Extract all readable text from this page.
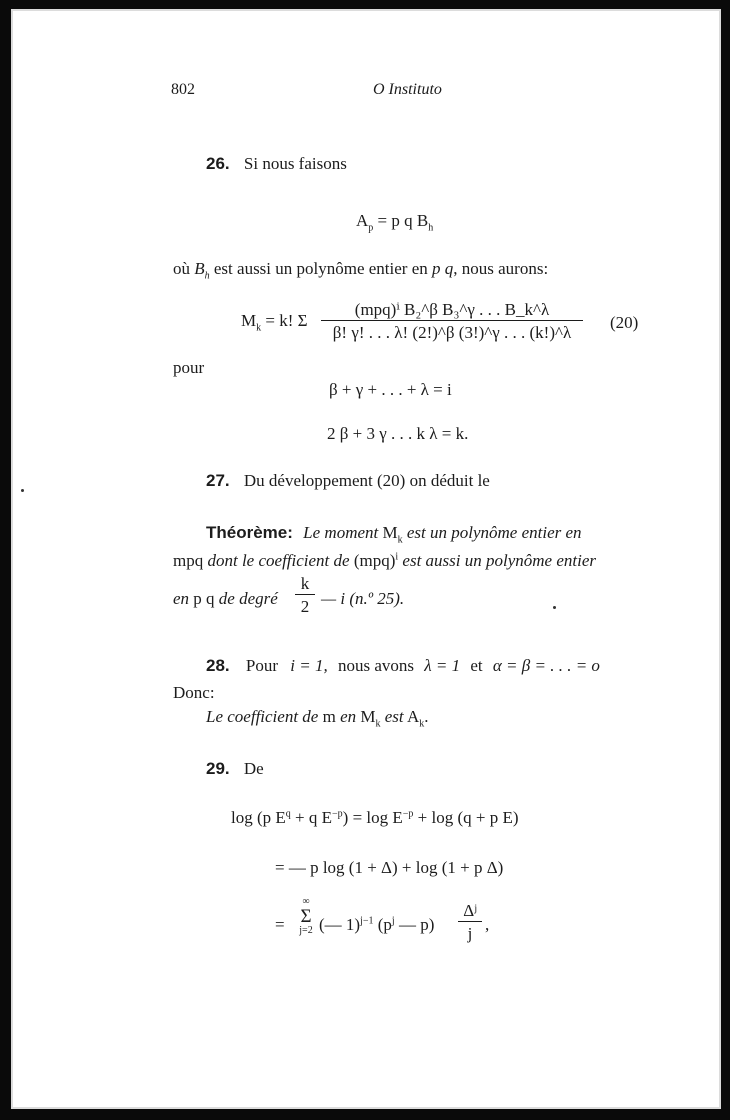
802	O Instituto
26. Si nous faisons
$A_p = p$ q $B_h$
où $B_h$ est aussi un polynôme entier en p q, nous aurons:
$M_k = k$! Σ
(mpq)ⁱ B₂^β B₃^γ . . . B_k^λ
β! γ! . . . λ! (2!)^β (3!)^γ . . . (k!)^λ
(20)
pour
β + γ + . . . + λ = i
2 β + 3 γ . . . k λ = k.
27. Du développement (20) on déduit le
Théorème: Le moment $M_k$ est un polynôme entier en
mpq dont le coefficient de (mpq)$^i$ est aussi un polynôme entier
en p q de degré $\frac{k}{2}$ — i (n.º 25).
28. Pour i = 1, nous avons λ = 1 et α = β = . . . = o
Donc:
Le coefficient de m en $M_k$ est $A_k$.
29. De
log (p $E^q + q$ $E^{-p}) = \log E^{-p} + \log (q + p$ E)
= — p log (1 + Δ) + log (1 + p Δ)
=
∞
Σ
j=2 (— 1)$^{j-1}$ ($p^j$ — $p) \frac{\text{Δʲ}}{j}$ ,
